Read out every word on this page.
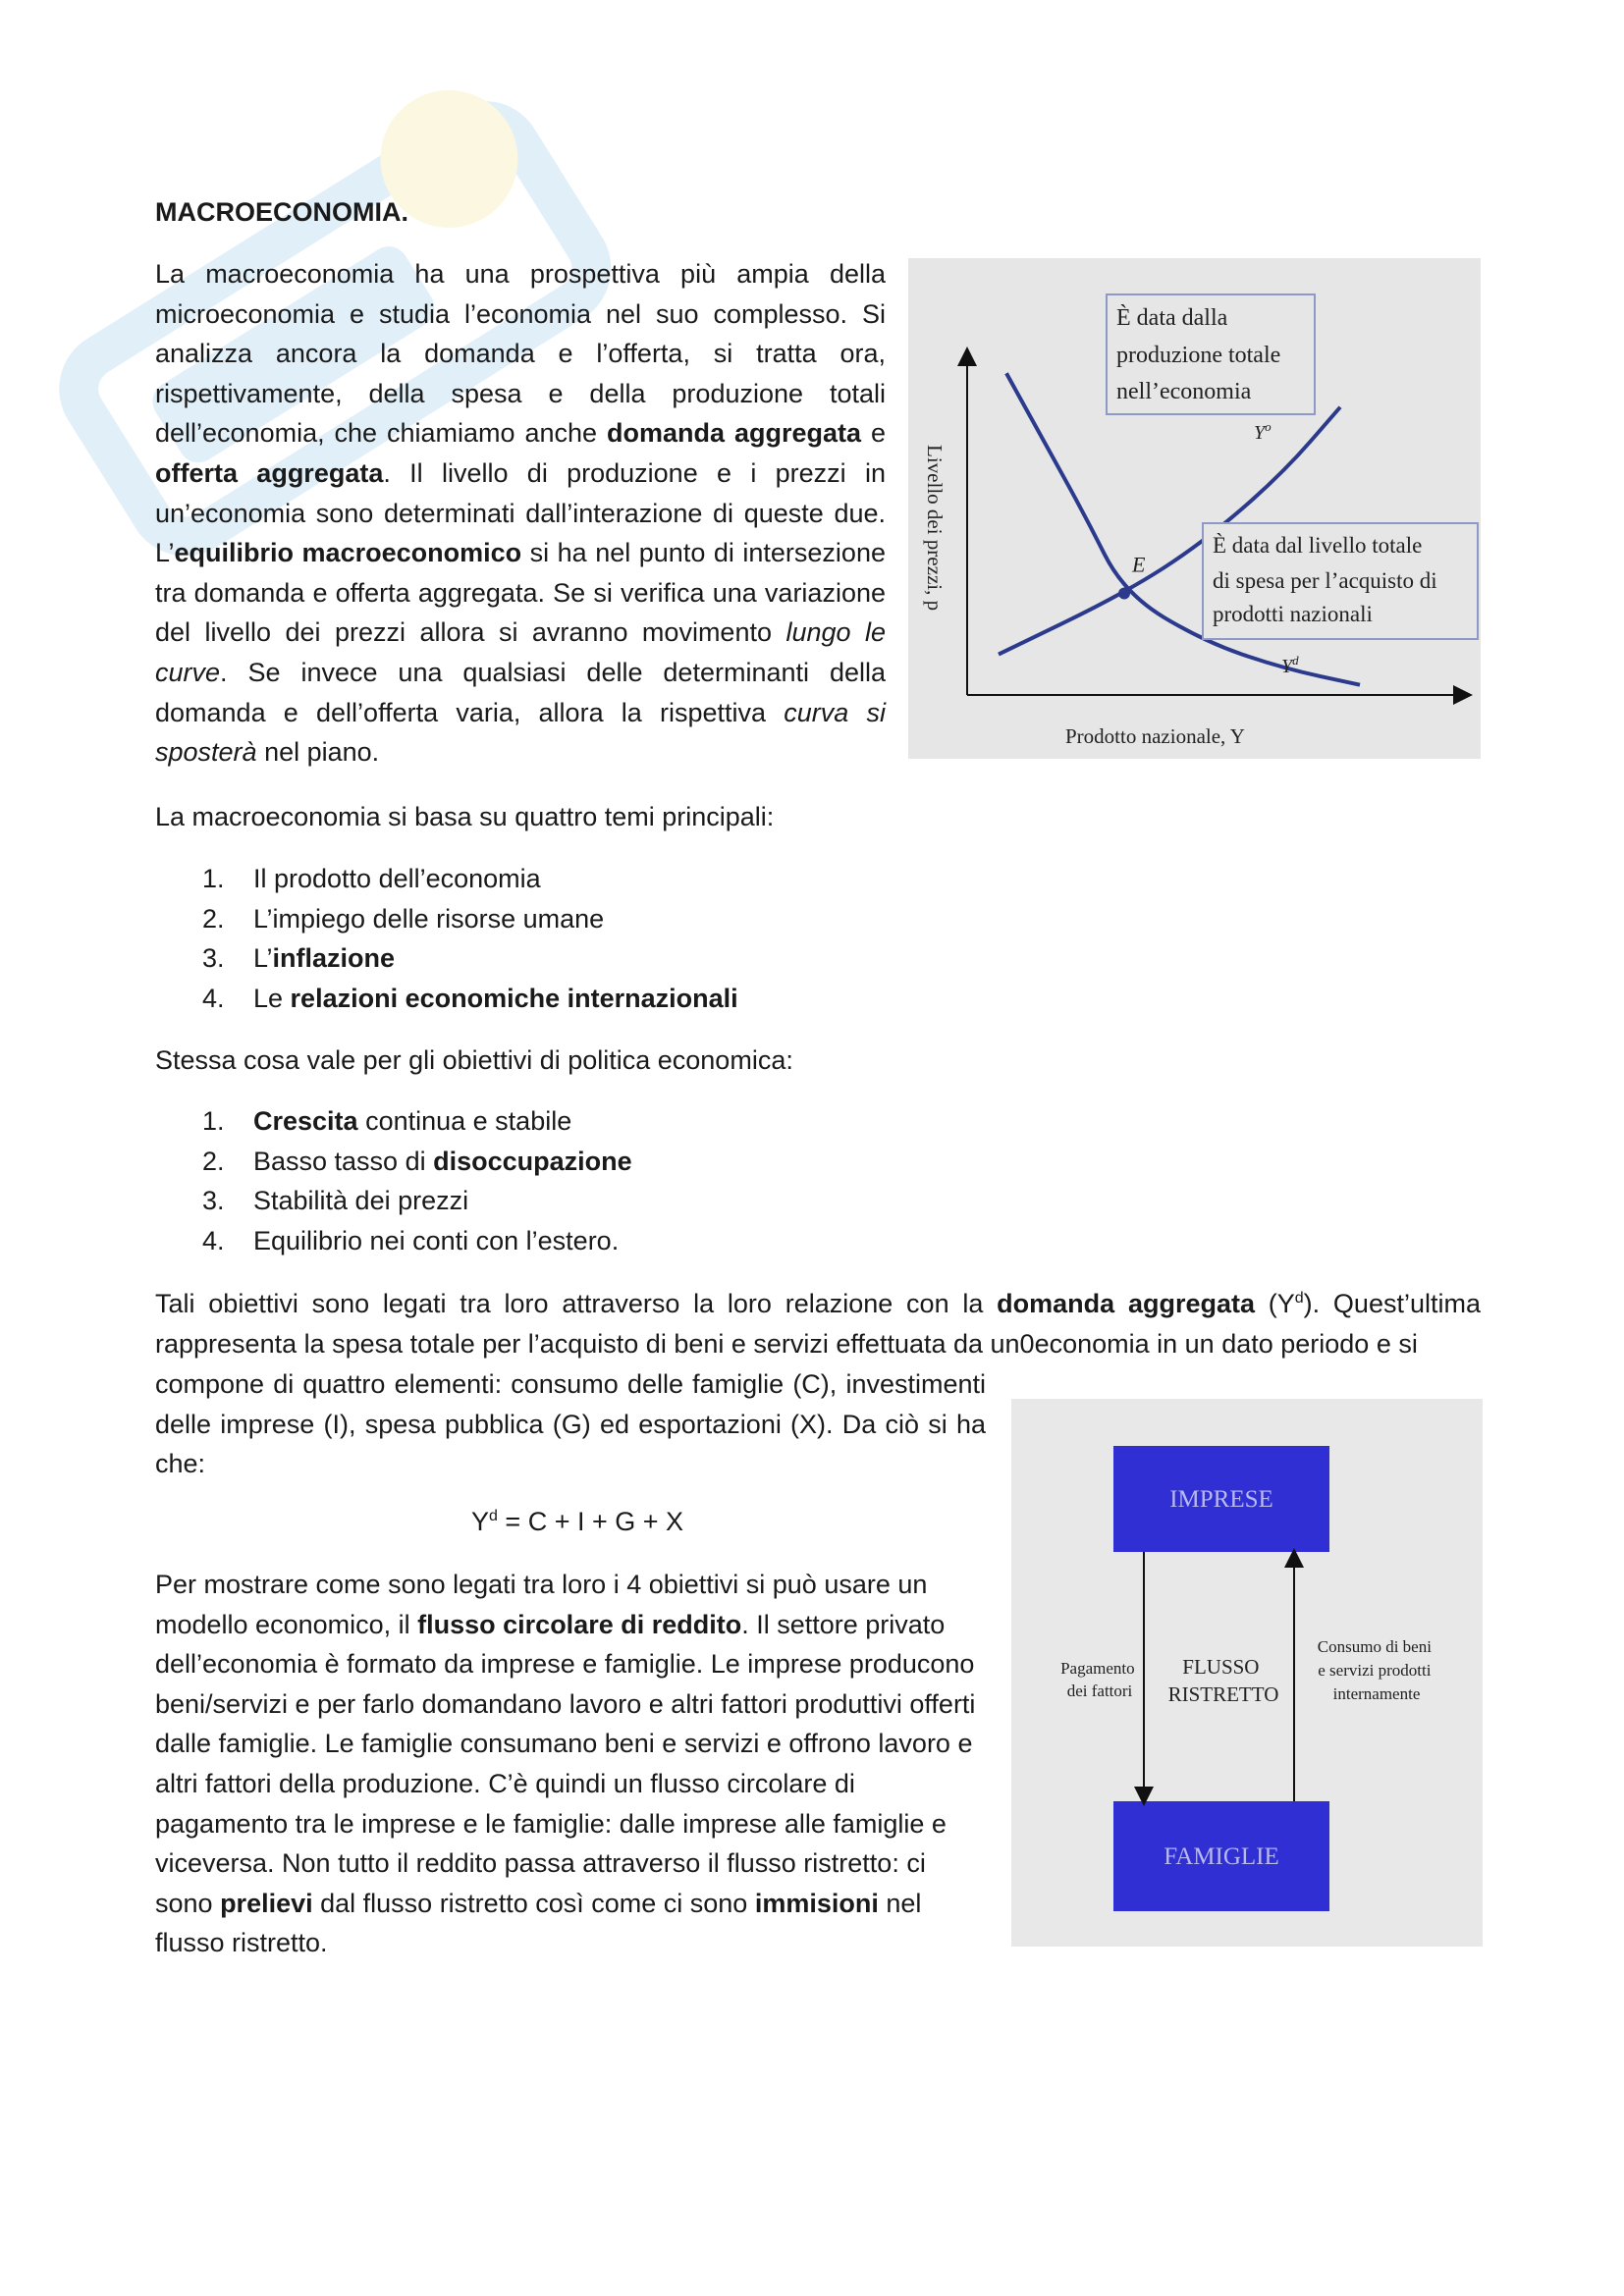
MACROECONOMIA.

La macroeconomia ha una prospettiva più ampia della microeconomia e studia l’economia nel suo complesso. Si analizza ancora la domanda e l’offerta, si tratta ora, rispettivamente, della spesa e della produzione totali dell’economia, che chiamiamo anche domanda aggregata e offerta aggregata. Il livello di produzione e i prezzi in un’economia sono determinati dall’interazione di queste due. L’equilibrio macroeconomico si ha nel punto di intersezione tra domanda e offerta aggregata. Se si verifica una variazione del livello dei prezzi allora si avranno movimento lungo le curve. Se invece una qualsiasi delle determinanti della domanda e dell’offerta varia, allora la rispettiva curva si sposterà nel piano.

E
$Y^o$
$Y^d$
Livello dei prezzi, p
Prodotto nazionale, Y
È data dalla produzione totale nell’economia
È data dal livello totale di spesa per l’acquisto di prodotti nazionali

La macroeconomia si basa su quattro temi principali:

1. Il prodotto dell’economia
2. L’impiego delle risorse umane
3. L’inflazione
4. Le relazioni economiche internazionali

Stessa cosa vale per gli obiettivi di politica economica:

1. Crescita continua e stabile
2. Basso tasso di disoccupazione
3. Stabilità dei prezzi
4. Equilibrio nei conti con l’estero.

Tali obiettivi sono legati tra loro attraverso la loro relazione con la domanda aggregata $(Y^d)$. Quest’ultima rappresenta la spesa totale per l’acquisto di beni e servizi effettuata da un0economia in un dato periodo e si

compone di quattro elementi: consumo delle famiglie (C), investimenti delle imprese (I), spesa pubblica (G) ed esportazioni (X). Da ciò si ha che:

$Y^d = C + I + G + X$

Per mostrare come sono legati tra loro i 4 obiettivi si può usare un modello economico, il flusso circolare di reddito. Il settore privato dell’economia è formato da imprese e famiglie. Le imprese producono beni/servizi e per farlo domandano lavoro e altri fattori produttivi offerti dalle famiglie. Le famiglie consumano beni e servizi e offrono lavoro e altri fattori della produzione. C’è quindi un flusso circolare di pagamento tra le imprese e le famiglie: dalle imprese alle famiglie e viceversa. Non tutto il reddito passa attraverso il flusso ristretto: ci sono prelievi dal flusso ristretto così come ci sono immisioni nel flusso ristretto.

IMPRESE
FAMIGLIE
FLUSSO RISTRETTO
Pagamento dei fattori
Consumo di beni e servizi prodotti internamente
